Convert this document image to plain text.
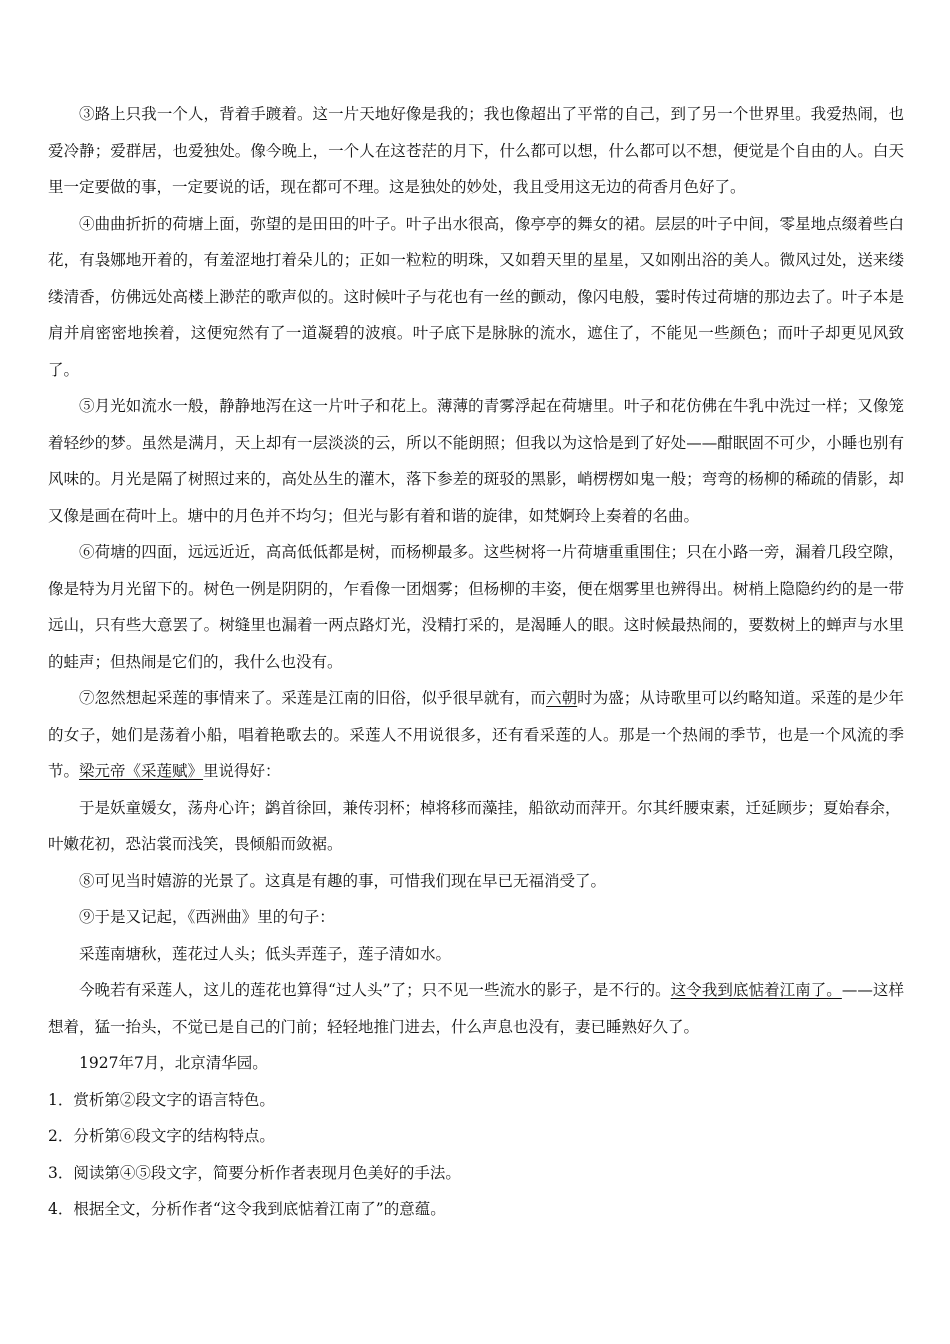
③路上只我一个人，背着手踱着。这一片天地好像是我的；我也像超出了平常的自己，到了另一个世界里。我爱热闹，也爱冷静；爱群居，也爱独处。像今晚上，一个人在这苍茫的月下，什么都可以想，什么都可以不想，便觉是个自由的人。白天里一定要做的事，一定要说的话，现在都可不理。这是独处的妙处，我且受用这无边的荷香月色好了。

④曲曲折折的荷塘上面，弥望的是田田的叶子。叶子出水很高，像亭亭的舞女的裙。层层的叶子中间，零星地点缀着些白花，有袅娜地开着的，有羞涩地打着朵儿的；正如一粒粒的明珠，又如碧天里的星星，又如刚出浴的美人。微风过处，送来缕缕清香，仿佛远处高楼上渺茫的歌声似的。这时候叶子与花也有一丝的颤动，像闪电般，霎时传过荷塘的那边去了。叶子本是肩并肩密密地挨着，这便宛然有了一道凝碧的波痕。叶子底下是脉脉的流水，遮住了，不能见一些颜色；而叶子却更见风致了。

⑤月光如流水一般，静静地泻在这一片叶子和花上。薄薄的青雾浮起在荷塘里。叶子和花仿佛在牛乳中洗过一样；又像笼着轻纱的梦。虽然是满月，天上却有一层淡淡的云，所以不能朗照；但我以为这恰是到了好处——酣眠固不可少，小睡也别有风味的。月光是隔了树照过来的，高处丛生的灌木，落下参差的斑驳的黑影，峭楞楞如鬼一般；弯弯的杨柳的稀疏的倩影，却又像是画在荷叶上。塘中的月色并不均匀；但光与影有着和谐的旋律，如梵婀玲上奏着的名曲。

⑥荷塘的四面，远远近近，高高低低都是树，而杨柳最多。这些树将一片荷塘重重围住；只在小路一旁，漏着几段空隙，像是特为月光留下的。树色一例是阴阴的，乍看像一团烟雾；但杨柳的丰姿，便在烟雾里也辨得出。树梢上隐隐约约的是一带远山，只有些大意罢了。树缝里也漏着一两点路灯光，没精打采的，是渴睡人的眼。这时候最热闹的，要数树上的蝉声与水里的蛙声；但热闹是它们的，我什么也没有。

⑦忽然想起采莲的事情来了。采莲是江南的旧俗，似乎很早就有，而六朝时为盛；从诗歌里可以约略知道。采莲的是少年的女子，她们是荡着小船，唱着艳歌去的。采莲人不用说很多，还有看采莲的人。那是一个热闹的季节，也是一个风流的季节。梁元帝《采莲赋》里说得好：

于是妖童媛女，荡舟心许；鹢首徐回，兼传羽杯；棹将移而藻挂，船欲动而萍开。尔其纤腰束素，迁延顾步；夏始春余，叶嫩花初，恐沾裳而浅笑，畏倾船而敛裾。

⑧可见当时嬉游的光景了。这真是有趣的事，可惜我们现在早已无福消受了。

⑨于是又记起，《西洲曲》里的句子：

采莲南塘秋，莲花过人头；低头弄莲子，莲子清如水。

今晚若有采莲人，这儿的莲花也算得“过人头”了；只不见一些流水的影子，是不行的。这令我到底惦着江南了。——这样想着，猛一抬头，不觉已是自己的门前；轻轻地推门进去，什么声息也没有，妻已睡熟好久了。

1927年7月，北京清华园。

1．赏析第②段文字的语言特色。

2．分析第⑥段文字的结构特点。

3．阅读第④⑤段文字，简要分析作者表现月色美好的手法。

4．根据全文，分析作者“这令我到底惦着江南了”的意蕴。
